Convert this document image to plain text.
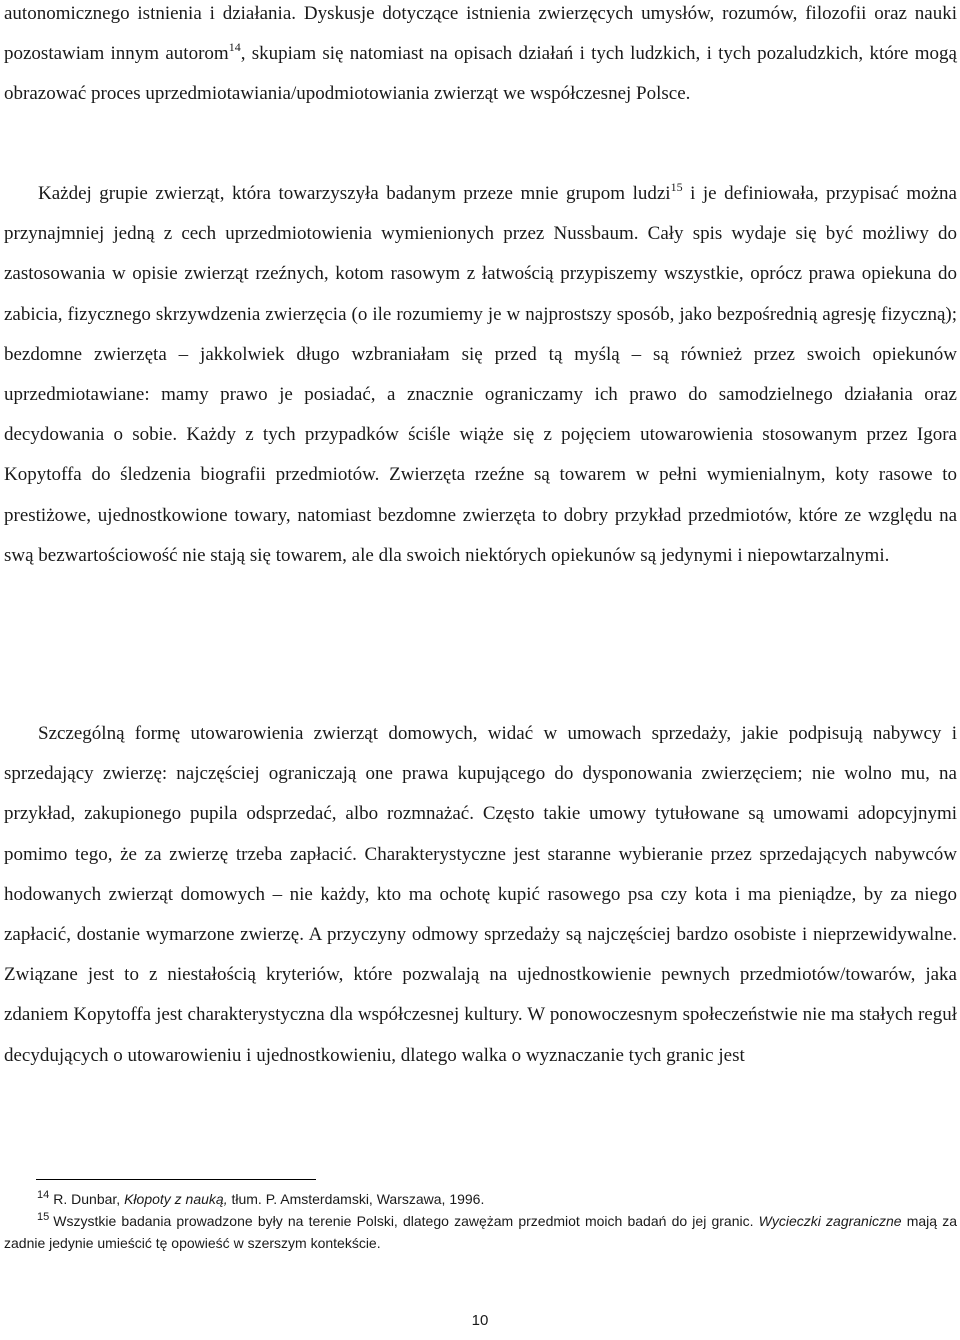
autonomicznego istnienia i działania. Dyskusje dotyczące istnienia zwierzęcych umysłów, rozumów, filozofii oraz nauki pozostawiam innym autorom$^{14}$, skupiam się natomiast na opisach działań i tych ludzkich, i tych pozaludzkich, które mogą obrazować proces uprzedmiotawiania/upodmiotowiania zwierząt we współczesnej Polsce.

Każdej grupie zwierząt, która towarzyszyła badanym przeze mnie grupom ludzi$^{15}$ i je definiowała, przypisać można przynajmniej jedną z cech uprzedmiotowienia wymienionych przez Nussbaum. Cały spis wydaje się być możliwy do zastosowania w opisie zwierząt rzeźnych, kotom rasowym z łatwością przypiszemy wszystkie, oprócz prawa opiekuna do zabicia, fizycznego skrzywdzenia zwierzęcia (o ile rozumiemy je w najprostszy sposób, jako bezpośrednią agresję fizyczną); bezdomne zwierzęta – jakkolwiek długo wzbraniałam się przed tą myślą – są również przez swoich opiekunów uprzedmiotawiane: mamy prawo je posiadać, a znacznie ograniczamy ich prawo do samodzielnego działania oraz decydowania o sobie. Każdy z tych przypadków ściśle wiąże się z pojęciem utowarowienia stosowanym przez Igora Kopytoffa do śledzenia biografii przedmiotów. Zwierzęta rzeźne są towarem w pełni wymienialnym, koty rasowe to prestiżowe, ujednostkowione towary, natomiast bezdomne zwierzęta to dobry przykład przedmiotów, które ze względu na swą bezwartościowość nie stają się towarem, ale dla swoich niektórych opiekunów są jedynymi i niepowtarzalnymi.

Szczególną formę utowarowienia zwierząt domowych, widać w umowach sprzedaży, jakie podpisują nabywcy i sprzedający zwierzę: najczęściej ograniczają one prawa kupującego do dysponowania zwierzęciem; nie wolno mu, na przykład, zakupionego pupila odsprzedać, albo rozmnażać. Często takie umowy tytułowane są umowami adopcyjnymi pomimo tego, że za zwierzę trzeba zapłacić. Charakterystyczne jest staranne wybieranie przez sprzedających nabywców hodowanych zwierząt domowych – nie każdy, kto ma ochotę kupić rasowego psa czy kota i ma pieniądze, by za niego zapłacić, dostanie wymarzone zwierzę. A przyczyny odmowy sprzedaży są najczęściej bardzo osobiste i nieprzewidywalne. Związane jest to z niestałością kryteriów, które pozwalają na ujednostkowienie pewnych przedmiotów/towarów, jaka zdaniem Kopytoffa jest charakterystyczna dla współczesnej kultury. W ponowoczesnym społeczeństwie nie ma stałych reguł decydujących o utowarowieniu i ujednostkowieniu, dlatego walka o wyznaczanie tych granic jest

$^{14}$ R. Dunbar, Kłopoty z nauką, tłum. P. Amsterdamski, Warszawa, 1996.

$^{15}$ Wszystkie badania prowadzone były na terenie Polski, dlatego zawężam przedmiot moich badań do jej granic. Wycieczki zagraniczne mają za zadnie jedynie umieścić tę opowieść w szerszym kontekście.

10
